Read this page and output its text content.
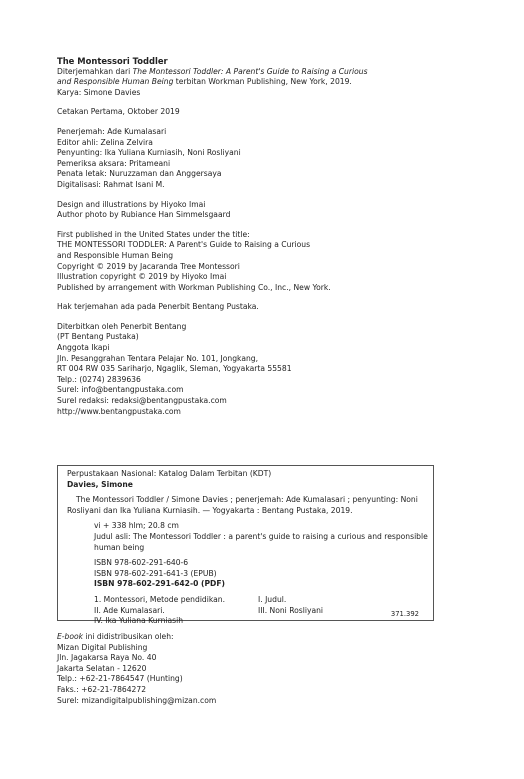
The Montessori Toddler
Diterjemahkan dari The Montessori Toddler: A Parent's Guide to Raising a Curious
and Responsible Human Being terbitan Workman Publishing, New York, 2019.
Karya: Simone Davies
Cetakan Pertama, Oktober 2019
Penerjemah: Ade Kumalasari
Editor ahli: Zelina Zelvira
Penyunting: Ika Yuliana Kurniasih, Noni Rosliyani
Pemeriksa aksara: Pritameani
Penata letak: Nuruzzaman dan Anggersaya
Digitalisasi: Rahmat Isani M.
Design and illustrations by Hiyoko Imai
Author photo by Rubiance Han Simmelsgaard
First published in the United States under the title:
THE MONTESSORI TODDLER: A Parent's Guide to Raising a Curious
and Responsible Human Being
Copyright © 2019 by Jacaranda Tree Montessori
Illustration copyright © 2019 by Hiyoko Imai
Published by arrangement with Workman Publishing Co., Inc., New York.
Hak terjemahan ada pada Penerbit Bentang Pustaka.
Diterbitkan oleh Penerbit Bentang
(PT Bentang Pustaka)
Anggota Ikapi
Jln. Pesanggrahan Tentara Pelajar No. 101, Jongkang,
RT 004 RW 035 Sariharjo, Ngaglik, Sleman, Yogyakarta 55581
Telp.: (0274) 2839636
Surel: info@bentangpustaka.com
Surel redaksi: redaksi@bentangpustaka.com
http://www.bentangpustaka.com
Perpustakaan Nasional: Katalog Dalam Terbitan (KDT)
Davies, Simone
The Montessori Toddler / Simone Davies ; penerjemah: Ade Kumalasari ; penyunting: Noni
Rosliyani dan Ika Yuliana Kurniasih. — Yogyakarta : Bentang Pustaka, 2019.
vi + 338 hlm; 20.8 cm
Judul asli: The Montessori Toddler : a parent's guide to raising a curious and responsible
human being
ISBN 978-602-291-640-6
ISBN 978-602-291-641-3 (EPUB)
ISBN 978-602-291-642-0 (PDF)
1. Montessori, Metode pendidikan.	I. Judul.
II. Ade Kumalasari.	III. Noni Rosliyani
IV. Ika Yuliana Kurniasih
371.392
E-book ini didistribusikan oleh:
Mizan Digital Publishing
Jln. Jagakarsa Raya No. 40
Jakarta Selatan - 12620
Telp.: +62-21-7864547 (Hunting)
Faks.: +62-21-7864272
Surel: mizandigitalpublishing@mizan.com
